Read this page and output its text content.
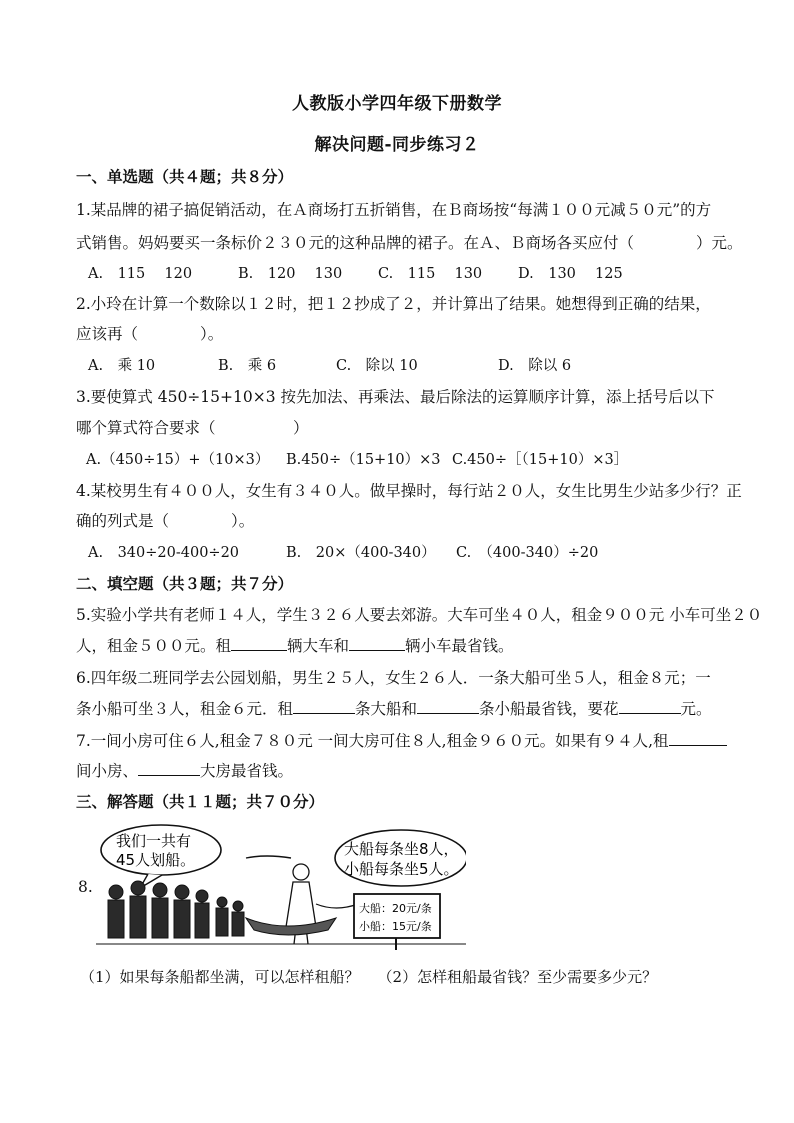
人教版小学四年级下册数学
解决问题-同步练习２
一、单选题（共４题；共８分）
1.某品牌的裙子搞促销活动，在Ａ商场打五折销售，在Ｂ商场按“每满１００元减５０元”的方
式销售。妈妈要买一条标价２３０元的这种品牌的裙子。在Ａ、Ｂ商场各买应付（　　　　）元。
A.　115　 120	B.　120　 130 C.　115　 130 D.　130　 125
2.小玲在计算一个数除以１２时，把１２抄成了２，并计算出了结果。她想得到正确的结果，
应该再（　　　　）。
A.　乘 10	B.　乘 6	C.　除以 10	D.　除以 6
3.要使算式 450÷15+10×3 按先加法、再乘法、最后除法的运算顺序计算，添上括号后以下
哪个算式符合要求（　　　　　）
A.（450÷15）+（10×3） B.450÷（15+10）×3 C.450÷［（15+10）×3］
4.某校男生有４００人，女生有３４０人。做早操时，每行站２０人，女生比男生少站多少行？正
确的列式是（　　　　）。
A.　340÷20-400÷20	B.　20×（400-340） C.　（400-340）÷20
二、填空题（共３题；共７分）
5.实验小学共有老师１４人，学生３２６人要去郊游。大车可坐４０人，租金９００元 小车可坐２０
人，租金５００元。租	辆大车和	辆小车最省钱。
6.四年级二班同学去公园划船，男生２５人，女生２６人．一条大船可坐５人，租金８元；一
条小船可坐３人，租金６元．租	条大船和	条小船最省钱，要花	元。
7.一间小房可住６人,租金７８０元 一间大房可住８人,租金９６０元。如果有９４人,租
间小房、	大房最省钱。
三、解答题（共１１题；共７０分）
8.
我们一共有
45人划船。
大船每条坐8人，
小船每条坐5人。
大船：20元/条
小船：15元/条
（1）如果每条船都坐满，可以怎样租船？ （2）怎样租船最省钱？至少需要多少元？
